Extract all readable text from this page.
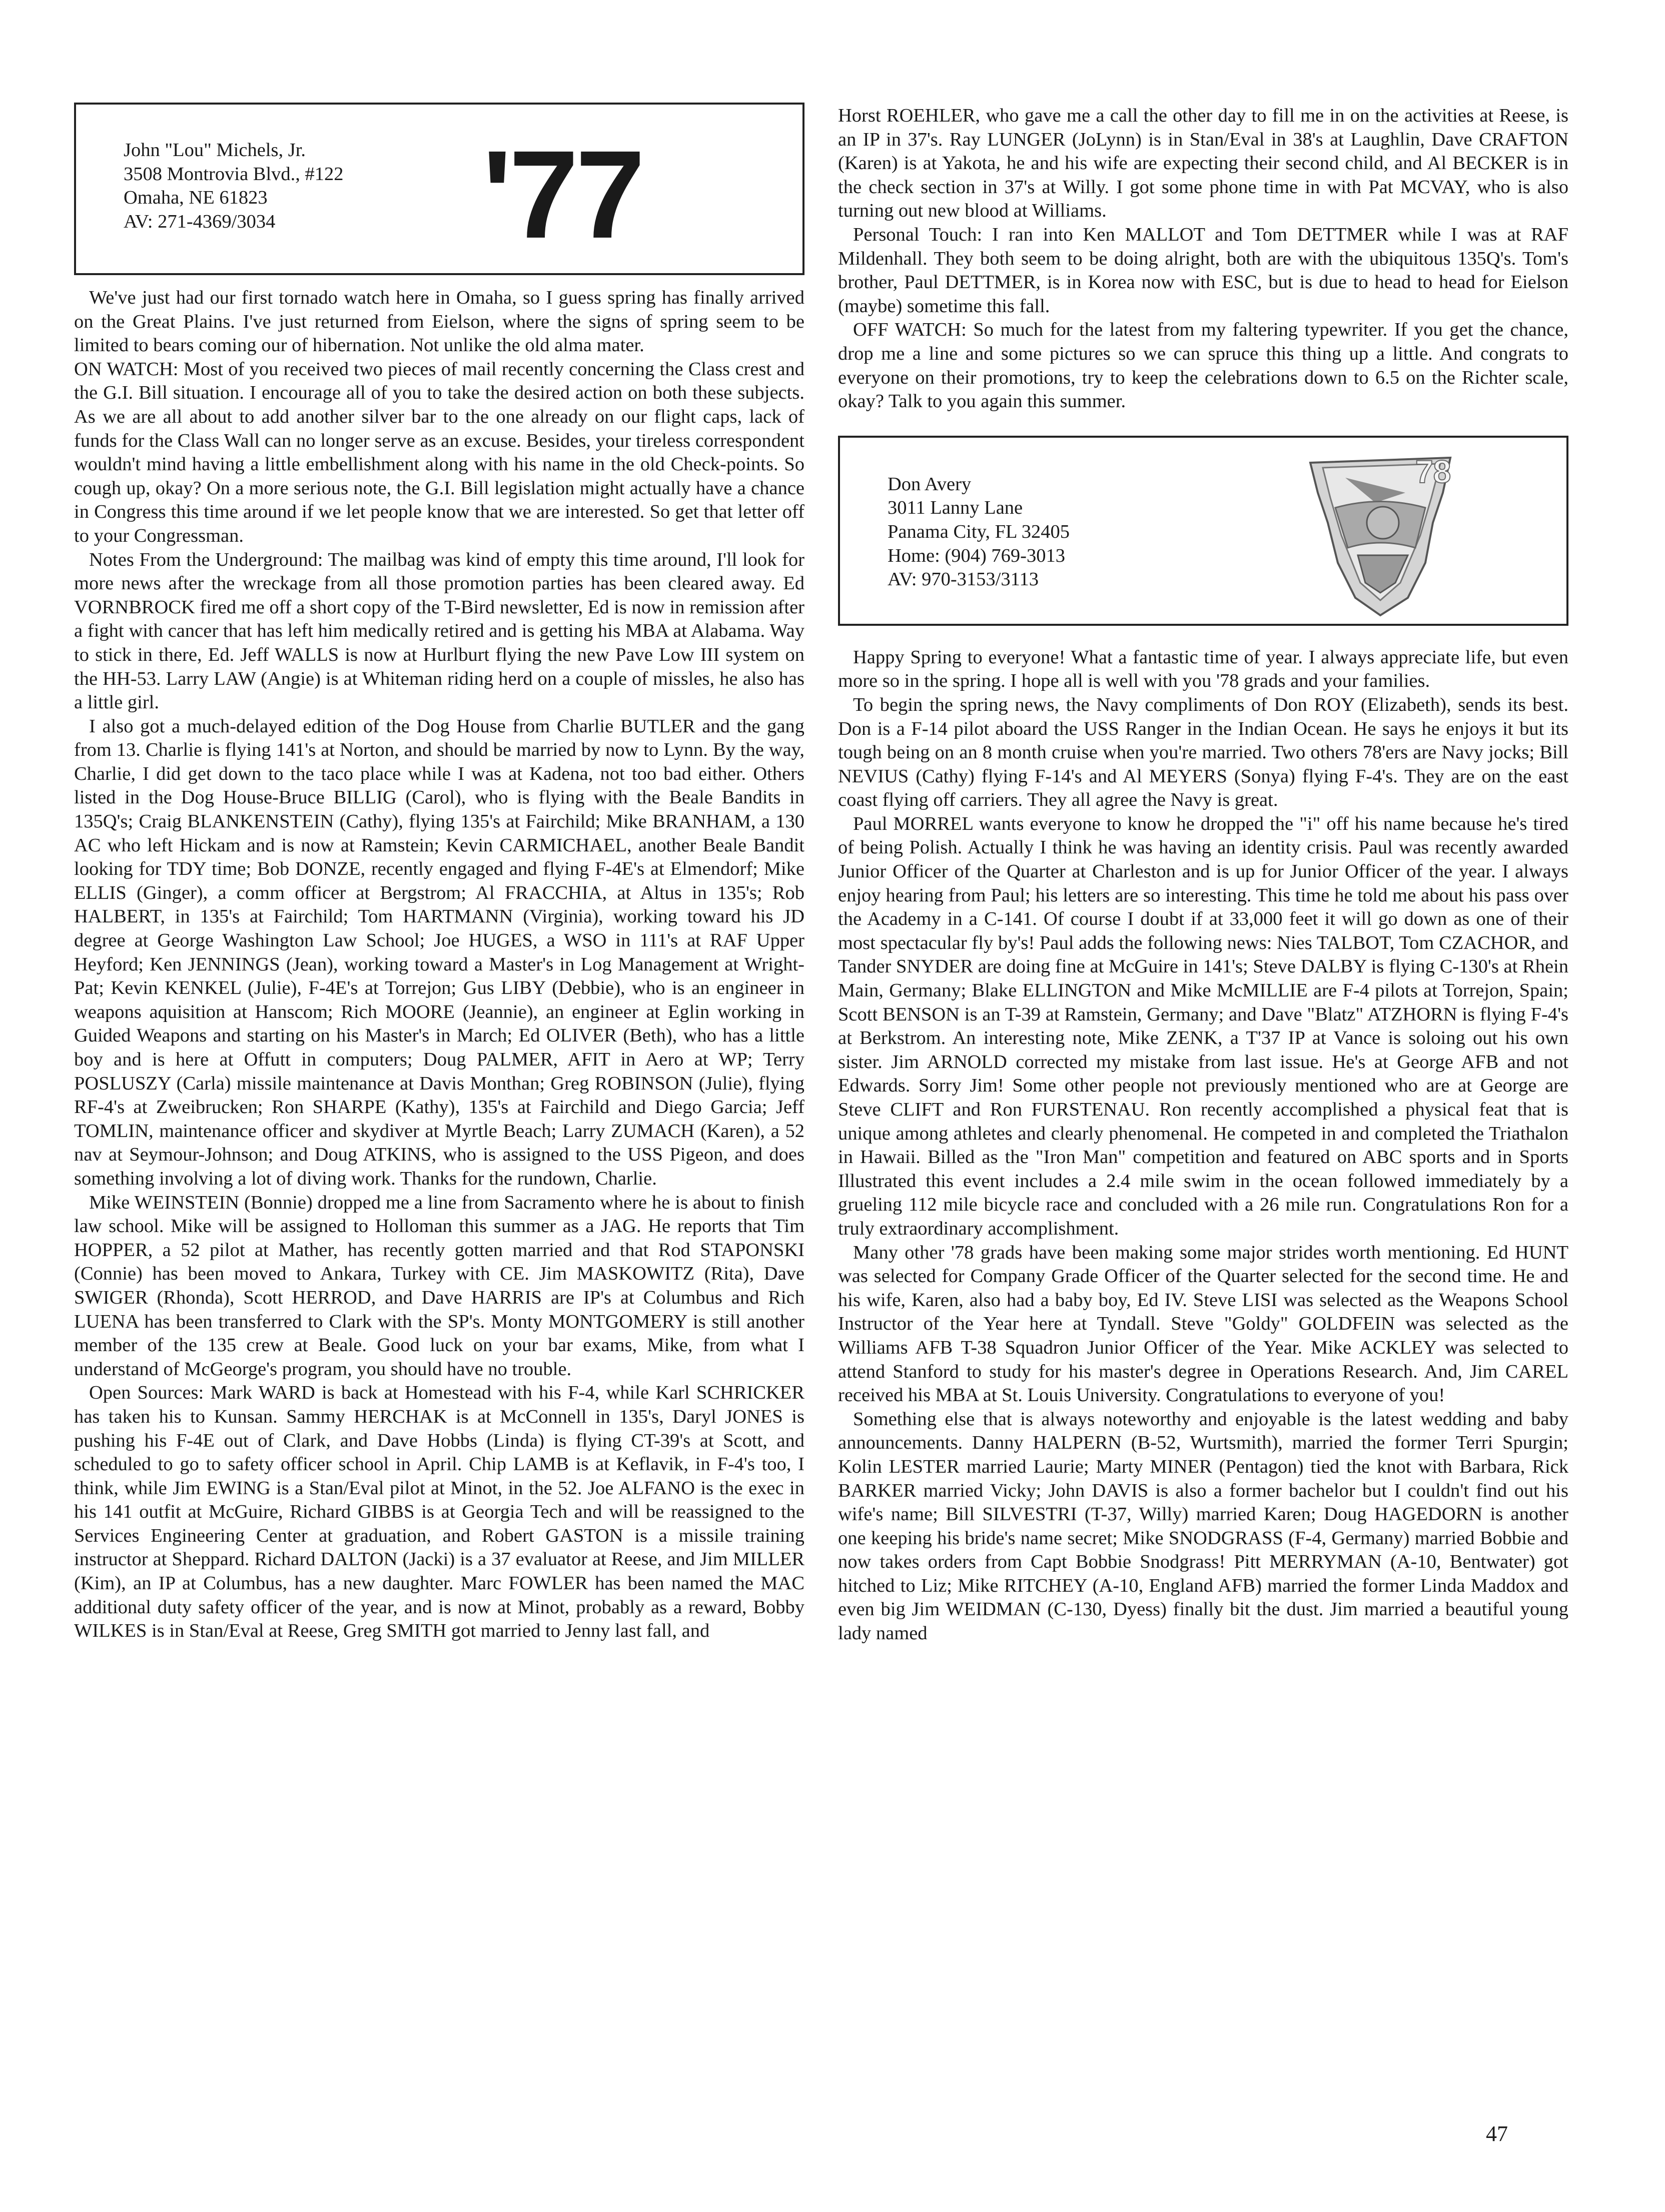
John "Lou" Michels, Jr.
3508 Montrovia Blvd., #122
Omaha, NE 61823
AV: 271-4369/3034	'77

We've just had our first tornado watch here in Omaha, so I guess spring has finally arrived on the Great Plains. I've just returned from Eielson, where the signs of spring seem to be limited to bears coming our of hibernation. Not unlike the old alma mater.

ON WATCH: Most of you received two pieces of mail recently concerning the Class crest and the G.I. Bill situation. I encourage all of you to take the desired action on both these subjects. As we are all about to add another silver bar to the one already on our flight caps, lack of funds for the Class Wall can no longer serve as an excuse. Besides, your tireless correspondent wouldn't mind having a little embellishment along with his name in the old Check-points. So cough up, okay? On a more serious note, the G.I. Bill legislation might actually have a chance in Congress this time around if we let people know that we are interested. So get that letter off to your Congressman.

Notes From the Underground: The mailbag was kind of empty this time around, I'll look for more news after the wreckage from all those promotion parties has been cleared away. Ed VORNBROCK fired me off a short copy of the T-Bird newsletter, Ed is now in remission after a fight with cancer that has left him medically retired and is getting his MBA at Alabama. Way to stick in there, Ed. Jeff WALLS is now at Hurlburt flying the new Pave Low III system on the HH-53. Larry LAW (Angie) is at Whiteman riding herd on a couple of missles, he also has a little girl.

I also got a much-delayed edition of the Dog House from Charlie BUTLER and the gang from 13. Charlie is flying 141's at Norton, and should be married by now to Lynn. By the way, Charlie, I did get down to the taco place while I was at Kadena, not too bad either. Others listed in the Dog House-Bruce BILLIG (Carol), who is flying with the Beale Bandits in 135Q's; Craig BLANKENSTEIN (Cathy), flying 135's at Fairchild; Mike BRANHAM, a 130 AC who left Hickam and is now at Ramstein; Kevin CARMICHAEL, another Beale Bandit looking for TDY time; Bob DONZE, recently engaged and flying F-4E's at Elmendorf; Mike ELLIS (Ginger), a comm officer at Bergstrom; Al FRACCHIA, at Altus in 135's; Rob HALBERT, in 135's at Fairchild; Tom HARTMANN (Virginia), working toward his JD degree at George Washington Law School; Joe HUGES, a WSO in 111's at RAF Upper Heyford; Ken JENNINGS (Jean), working toward a Master's in Log Management at Wright-Pat; Kevin KENKEL (Julie), F-4E's at Torrejon; Gus LIBY (Debbie), who is an engineer in weapons aquisition at Hanscom; Rich MOORE (Jeannie), an engineer at Eglin working in Guided Weapons and starting on his Master's in March; Ed OLIVER (Beth), who has a little boy and is here at Offutt in computers; Doug PALMER, AFIT in Aero at WP; Terry POSLUSZY (Carla) missile maintenance at Davis Monthan; Greg ROBINSON (Julie), flying RF-4's at Zweibrucken; Ron SHARPE (Kathy), 135's at Fairchild and Diego Garcia; Jeff TOMLIN, maintenance officer and skydiver at Myrtle Beach; Larry ZUMACH (Karen), a 52 nav at Seymour-Johnson; and Doug ATKINS, who is assigned to the USS Pigeon, and does something involving a lot of diving work. Thanks for the rundown, Charlie.

Mike WEINSTEIN (Bonnie) dropped me a line from Sacramento where he is about to finish law school. Mike will be assigned to Holloman this summer as a JAG. He reports that Tim HOPPER, a 52 pilot at Mather, has recently gotten married and that Rod STAPONSKI (Connie) has been moved to Ankara, Turkey with CE. Jim MASKOWITZ (Rita), Dave SWIGER (Rhonda), Scott HERROD, and Dave HARRIS are IP's at Columbus and Rich LUENA has been transferred to Clark with the SP's. Monty MONTGOMERY is still another member of the 135 crew at Beale. Good luck on your bar exams, Mike, from what I understand of McGeorge's program, you should have no trouble.

Open Sources: Mark WARD is back at Homestead with his F-4, while Karl SCHRICKER has taken his to Kunsan. Sammy HERCHAK is at McConnell in 135's, Daryl JONES is pushing his F-4E out of Clark, and Dave Hobbs (Linda) is flying CT-39's at Scott, and scheduled to go to safety officer school in April. Chip LAMB is at Keflavik, in F-4's too, I think, while Jim EWING is a Stan/Eval pilot at Minot, in the 52. Joe ALFANO is the exec in his 141 outfit at McGuire, Richard GIBBS is at Georgia Tech and will be reassigned to the Services Engineering Center at graduation, and Robert GASTON is a missile training instructor at Sheppard. Richard DALTON (Jacki) is a 37 evaluator at Reese, and Jim MILLER (Kim), an IP at Columbus, has a new daughter. Marc FOWLER has been named the MAC additional duty safety officer of the year, and is now at Minot, probably as a reward, Bobby WILKES is in Stan/Eval at Reese, Greg SMITH got married to Jenny last fall, and

Horst ROEHLER, who gave me a call the other day to fill me in on the activities at Reese, is an IP in 37's. Ray LUNGER (JoLynn) is in Stan/Eval in 38's at Laughlin, Dave CRAFTON (Karen) is at Yakota, he and his wife are expecting their second child, and Al BECKER is in the check section in 37's at Willy. I got some phone time in with Pat MCVAY, who is also turning out new blood at Williams.

Personal Touch: I ran into Ken MALLOT and Tom DETTMER while I was at RAF Mildenhall. They both seem to be doing alright, both are with the ubiquitous 135Q's. Tom's brother, Paul DETTMER, is in Korea now with ESC, but is due to head to head for Eielson (maybe) sometime this fall.

OFF WATCH: So much for the latest from my faltering typewriter. If you get the chance, drop me a line and some pictures so we can spruce this thing up a little. And congrats to everyone on their promotions, try to keep the celebrations down to 6.5 on the Richter scale, okay? Talk to you again this summer.

Don Avery
3011 Lanny Lane
Panama City, FL 32405
Home: (904) 769-3013
AV: 970-3153/3113
78

Happy Spring to everyone! What a fantastic time of year. I always appreciate life, but even more so in the spring. I hope all is well with you '78 grads and your families.

To begin the spring news, the Navy compliments of Don ROY (Elizabeth), sends its best. Don is a F-14 pilot aboard the USS Ranger in the Indian Ocean. He says he enjoys it but its tough being on an 8 month cruise when you're married. Two others 78'ers are Navy jocks; Bill NEVIUS (Cathy) flying F-14's and Al MEYERS (Sonya) flying F-4's. They are on the east coast flying off carriers. They all agree the Navy is great.

Paul MORREL wants everyone to know he dropped the "i" off his name because he's tired of being Polish. Actually I think he was having an identity crisis. Paul was recently awarded Junior Officer of the Quarter at Charleston and is up for Junior Officer of the year. I always enjoy hearing from Paul; his letters are so interesting. This time he told me about his pass over the Academy in a C-141. Of course I doubt if at 33,000 feet it will go down as one of their most spectacular fly by's! Paul adds the following news: Nies TALBOT, Tom CZACHOR, and Tander SNYDER are doing fine at McGuire in 141's; Steve DALBY is flying C-130's at Rhein Main, Germany; Blake ELLINGTON and Mike McMILLIE are F-4 pilots at Torrejon, Spain; Scott BENSON is an T-39 at Ramstein, Germany; and Dave "Blatz" ATZHORN is flying F-4's at Berkstrom. An interesting note, Mike ZENK, a T'37 IP at Vance is soloing out his own sister. Jim ARNOLD corrected my mistake from last issue. He's at George AFB and not Edwards. Sorry Jim! Some other people not previously mentioned who are at George are Steve CLIFT and Ron FURSTENAU. Ron recently accomplished a physical feat that is unique among athletes and clearly phenomenal. He competed in and completed the Triathalon in Hawaii. Billed as the "Iron Man" competition and featured on ABC sports and in Sports Illustrated this event includes a 2.4 mile swim in the ocean followed immediately by a grueling 112 mile bicycle race and concluded with a 26 mile run. Congratulations Ron for a truly extraordinary accomplishment.

Many other '78 grads have been making some major strides worth mentioning. Ed HUNT was selected for Company Grade Officer of the Quarter selected for the second time. He and his wife, Karen, also had a baby boy, Ed IV. Steve LISI was selected as the Weapons School Instructor of the Year here at Tyndall. Steve "Goldy" GOLDFEIN was selected as the Williams AFB T-38 Squadron Junior Officer of the Year. Mike ACKLEY was selected to attend Stanford to study for his master's degree in Operations Research. And, Jim CAREL received his MBA at St. Louis University. Congratulations to everyone of you!

Something else that is always noteworthy and enjoyable is the latest wedding and baby announcements. Danny HALPERN (B-52, Wurtsmith), married the former Terri Spurgin; Kolin LESTER married Laurie; Marty MINER (Pentagon) tied the knot with Barbara, Rick BARKER married Vicky; John DAVIS is also a former bachelor but I couldn't find out his wife's name; Bill SILVESTRI (T-37, Willy) married Karen; Doug HAGEDORN is another one keeping his bride's name secret; Mike SNODGRASS (F-4, Germany) married Bobbie and now takes orders from Capt Bobbie Snodgrass! Pitt MERRYMAN (A-10, Bentwater) got hitched to Liz; Mike RITCHEY (A-10, England AFB) married the former Linda Maddox and even big Jim WEIDMAN (C-130, Dyess) finally bit the dust. Jim married a beautiful young lady named

47
